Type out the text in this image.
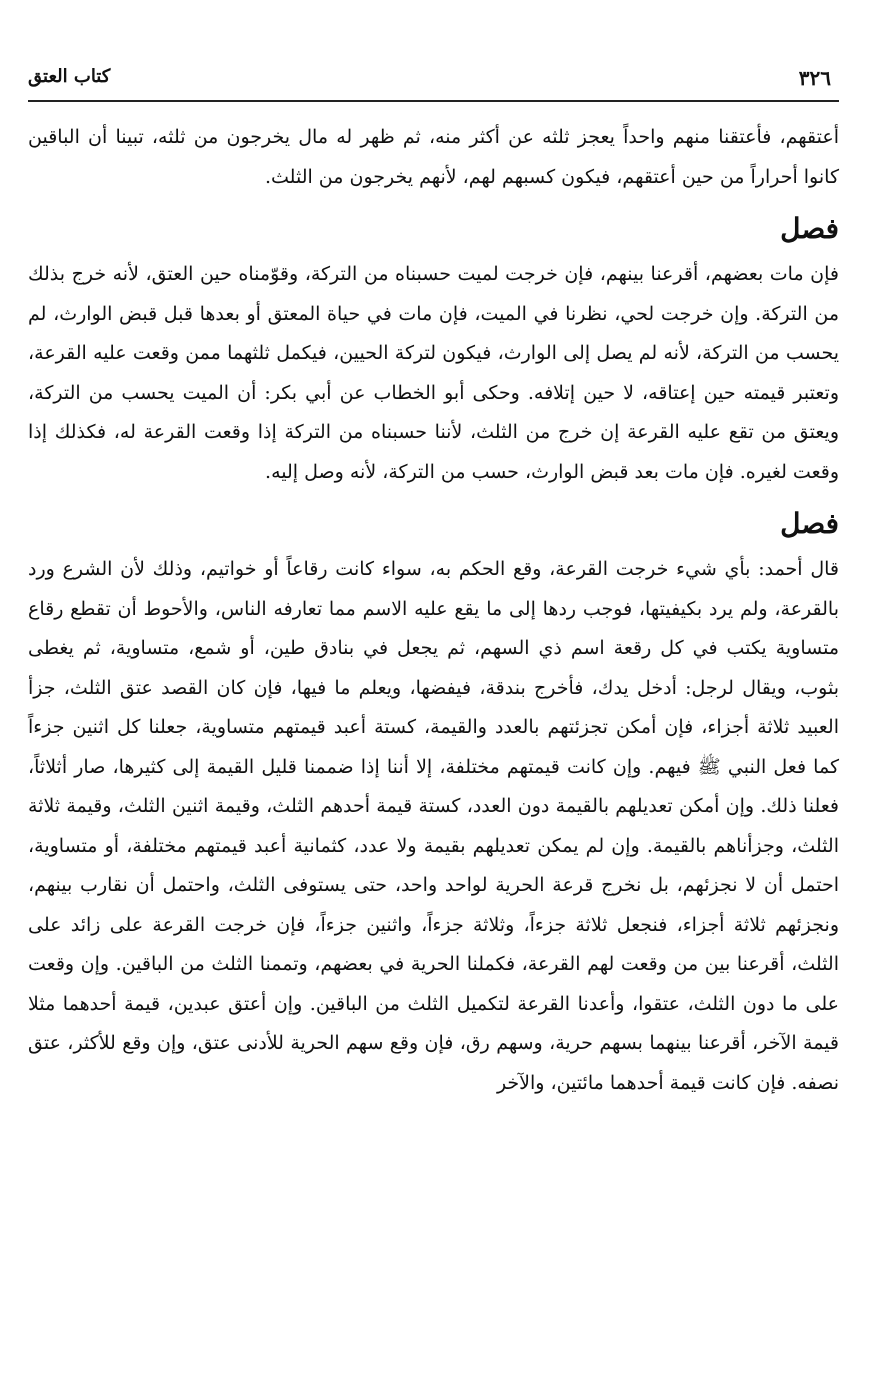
٣٢٦
كتاب العتق

أعتقهم، فأعتقنا منهم واحداً يعجز ثلثه عن أكثر منه، ثم ظهر له مال يخرجون من ثلثه، تبينا أن الباقين كانوا أحراراً من حين أعتقهم، فيكون كسبهم لهم، لأنهم يخرجون من الثلث.

فصل

فإن مات بعضهم، أقرعنا بينهم، فإن خرجت لميت حسبناه من التركة، وقوّمناه حين العتق، لأنه خرج بذلك من التركة. وإن خرجت لحي، نظرنا في الميت، فإن مات في حياة المعتق أو بعدها قبل قبض الوارث، لم يحسب من التركة، لأنه لم يصل إلى الوارث، فيكون لتركة الحيين، فيكمل ثلثهما ممن وقعت عليه القرعة، وتعتبر قيمته حين إعتاقه، لا حين إتلافه. وحكى أبو الخطاب عن أبي بكر: أن الميت يحسب من التركة، ويعتق من تقع عليه القرعة إن خرج من الثلث، لأننا حسبناه من التركة إذا وقعت القرعة له، فكذلك إذا وقعت لغيره. فإن مات بعد قبض الوارث، حسب من التركة، لأنه وصل إليه.

فصل

قال أحمد: بأي شيء خرجت القرعة، وقع الحكم به، سواء كانت رقاعاً أو خواتيم، وذلك لأن الشرع ورد بالقرعة، ولم يرد بكيفيتها، فوجب ردها إلى ما يقع عليه الاسم مما تعارفه الناس، والأحوط أن تقطع رقاع متساوية يكتب في كل رقعة اسم ذي السهم، ثم يجعل في بنادق طين، أو شمع، متساوية، ثم يغطى بثوب، ويقال لرجل: أدخل يدك، فأخرج بندقة، فيفضها، ويعلم ما فيها، فإن كان القصد عتق الثلث، جزأ العبيد ثلاثة أجزاء، فإن أمكن تجزئتهم بالعدد والقيمة، كستة أعبد قيمتهم متساوية، جعلنا كل اثنين جزءاً كما فعل النبي ﷺ فيهم. وإن كانت قيمتهم مختلفة، إلا أننا إذا ضممنا قليل القيمة إلى كثيرها، صار أثلاثاً، فعلنا ذلك. وإن أمكن تعديلهم بالقيمة دون العدد، كستة قيمة أحدهم الثلث، وقيمة اثنين الثلث، وقيمة ثلاثة الثلث، وجزأناهم بالقيمة. وإن لم يمكن تعديلهم بقيمة ولا عدد، كثمانية أعبد قيمتهم مختلفة، أو متساوية، احتمل أن لا نجزئهم، بل نخرج قرعة الحرية لواحد واحد، حتى يستوفى الثلث، واحتمل أن نقارب بينهم، ونجزئهم ثلاثة أجزاء، فنجعل ثلاثة جزءاً، وثلاثة جزءاً، واثنين جزءاً، فإن خرجت القرعة على زائد على الثلث، أقرعنا بين من وقعت لهم القرعة، فكملنا الحرية في بعضهم، وتممنا الثلث من الباقين. وإن وقعت على ما دون الثلث، عتقوا، وأعدنا القرعة لتكميل الثلث من الباقين. وإن أعتق عبدين، قيمة أحدهما مثلا قيمة الآخر، أقرعنا بينهما بسهم حرية، وسهم رق، فإن وقع سهم الحرية للأدنى عتق، وإن وقع للأكثر، عتق نصفه. فإن كانت قيمة أحدهما مائتين، والآخر
